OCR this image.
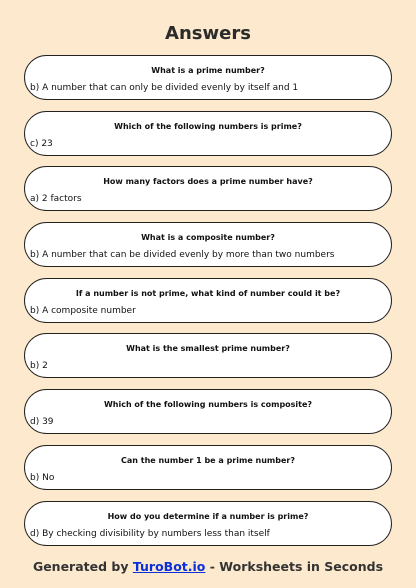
Answers
What is a prime number?
b) A number that can only be divided evenly by itself and 1
Which of the following numbers is prime?
c) 23
How many factors does a prime number have?
a) 2 factors
What is a composite number?
b) A number that can be divided evenly by more than two numbers
If a number is not prime, what kind of number could it be?
b) A composite number
What is the smallest prime number?
b) 2
Which of the following numbers is composite?
d) 39
Can the number 1 be a prime number?
b) No
How do you determine if a number is prime?
d) By checking divisibility by numbers less than itself
Generated by TuroBot.io - Worksheets in Seconds
